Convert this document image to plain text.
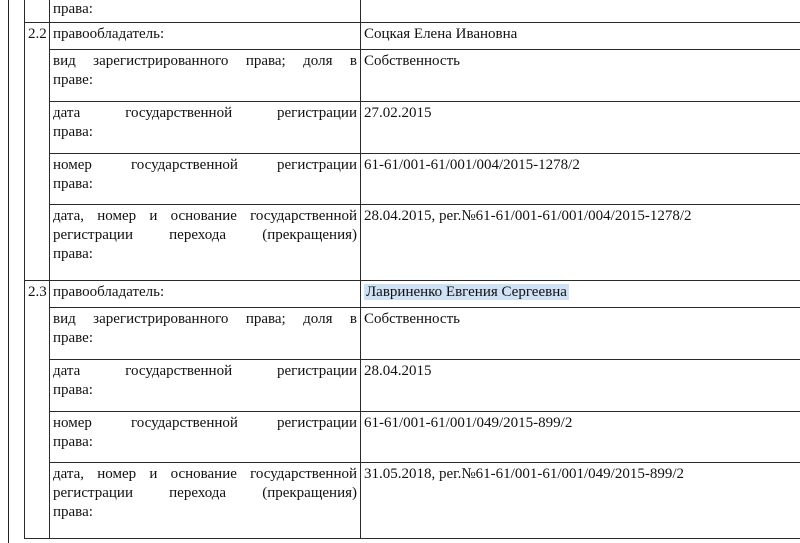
	права:	

2.2	правообладатель:	Соцкая Елена Ивановна

	вид зарегистрированного права; доля в
праве:	Собственность

	дата государственной регистрации
права:	27.02.2015

	номер государственной регистрации
права:	61-61/001-61/001/004/2015-1278/2

	дата, номер и основание государственной
регистрации перехода (прекращения)
права:	28.04.2015, рег.№61-61/001-61/001/004/2015-1278/2
2.3	правообладатель:	Лавриненко Евгения Сергеевна

	вид зарегистрированного права; доля в
праве:	Собственность

	дата государственной регистрации
права:	28.04.2015

	номер государственной регистрации
права:	61-61/001-61/001/049/2015-899/2

	дата, номер и основание государственной
регистрации перехода (прекращения)
права:	31.05.2018, рег.№61-61/001-61/001/049/2015-899/2
